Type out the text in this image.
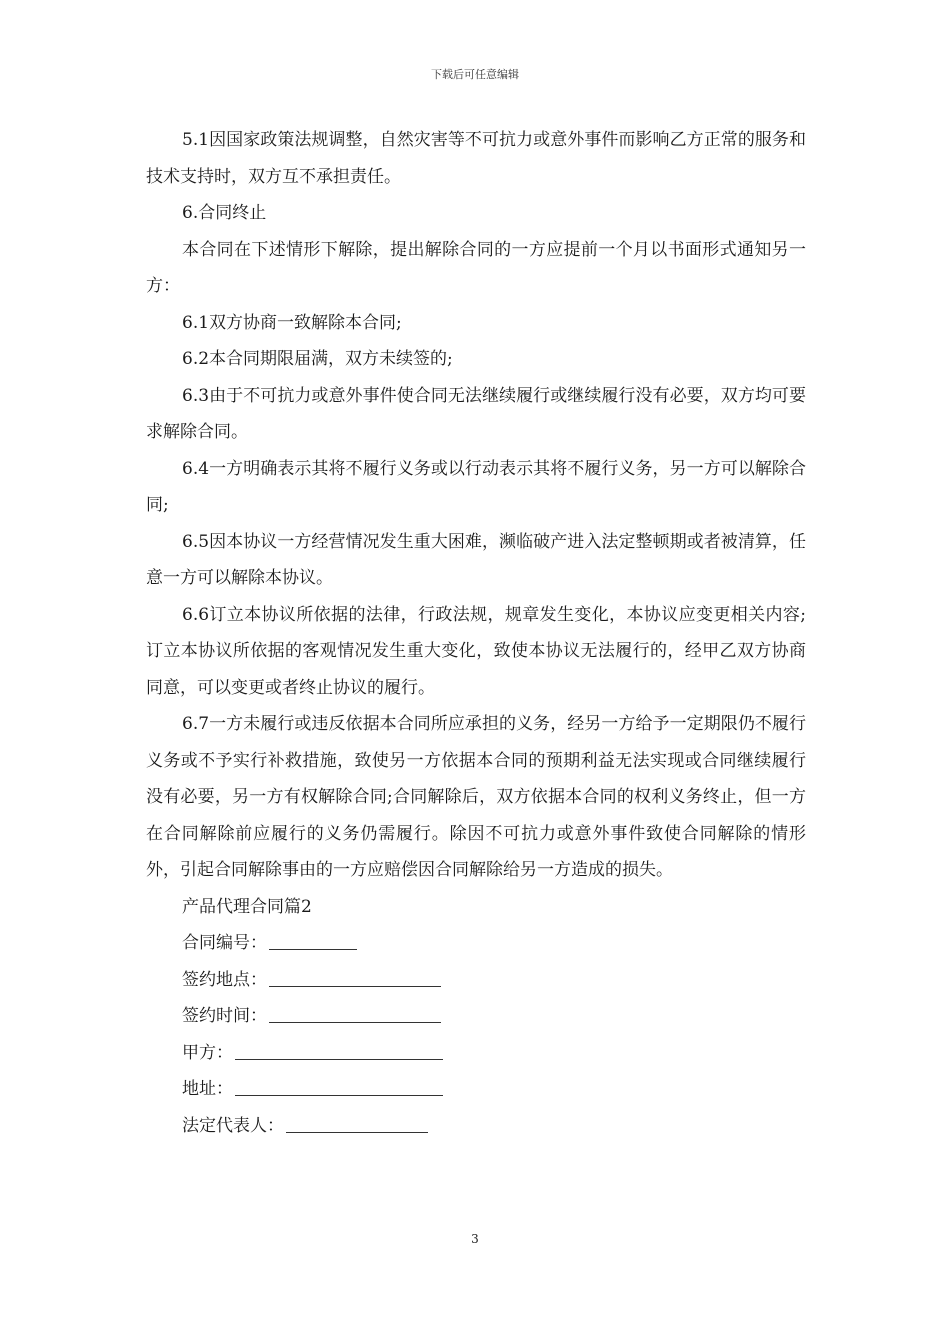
下载后可任意编辑

5.1因国家政策法规调整，自然灾害等不可抗力或意外事件而影响乙方正常的服务和技术支持时，双方互不承担责任。

6.合同终止

本合同在下述情形下解除，提出解除合同的一方应提前一个月以书面形式通知另一方：

6.1双方协商一致解除本合同;

6.2本合同期限届满，双方未续签的;

6.3由于不可抗力或意外事件使合同无法继续履行或继续履行没有必要，双方均可要求解除合同。

6.4一方明确表示其将不履行义务或以行动表示其将不履行义务，另一方可以解除合同;

6.5因本协议一方经营情况发生重大困难，濒临破产进入法定整顿期或者被清算，任意一方可以解除本协议。

6.6订立本协议所依据的法律，行政法规，规章发生变化，本协议应变更相关内容;订立本协议所依据的客观情况发生重大变化，致使本协议无法履行的，经甲乙双方协商同意，可以变更或者终止协议的履行。

6.7一方未履行或违反依据本合同所应承担的义务，经另一方给予一定期限仍不履行义务或不予实行补救措施，致使另一方依据本合同的预期利益无法实现或合同继续履行没有必要，另一方有权解除合同;合同解除后，双方依据本合同的权利义务终止，但一方在合同解除前应履行的义务仍需履行。除因不可抗力或意外事件致使合同解除的情形外，引起合同解除事由的一方应赔偿因合同解除给另一方造成的损失。

产品代理合同篇2

合同编号：
签约地点：
签约时间：
甲方：
地址：
法定代表人：
3
